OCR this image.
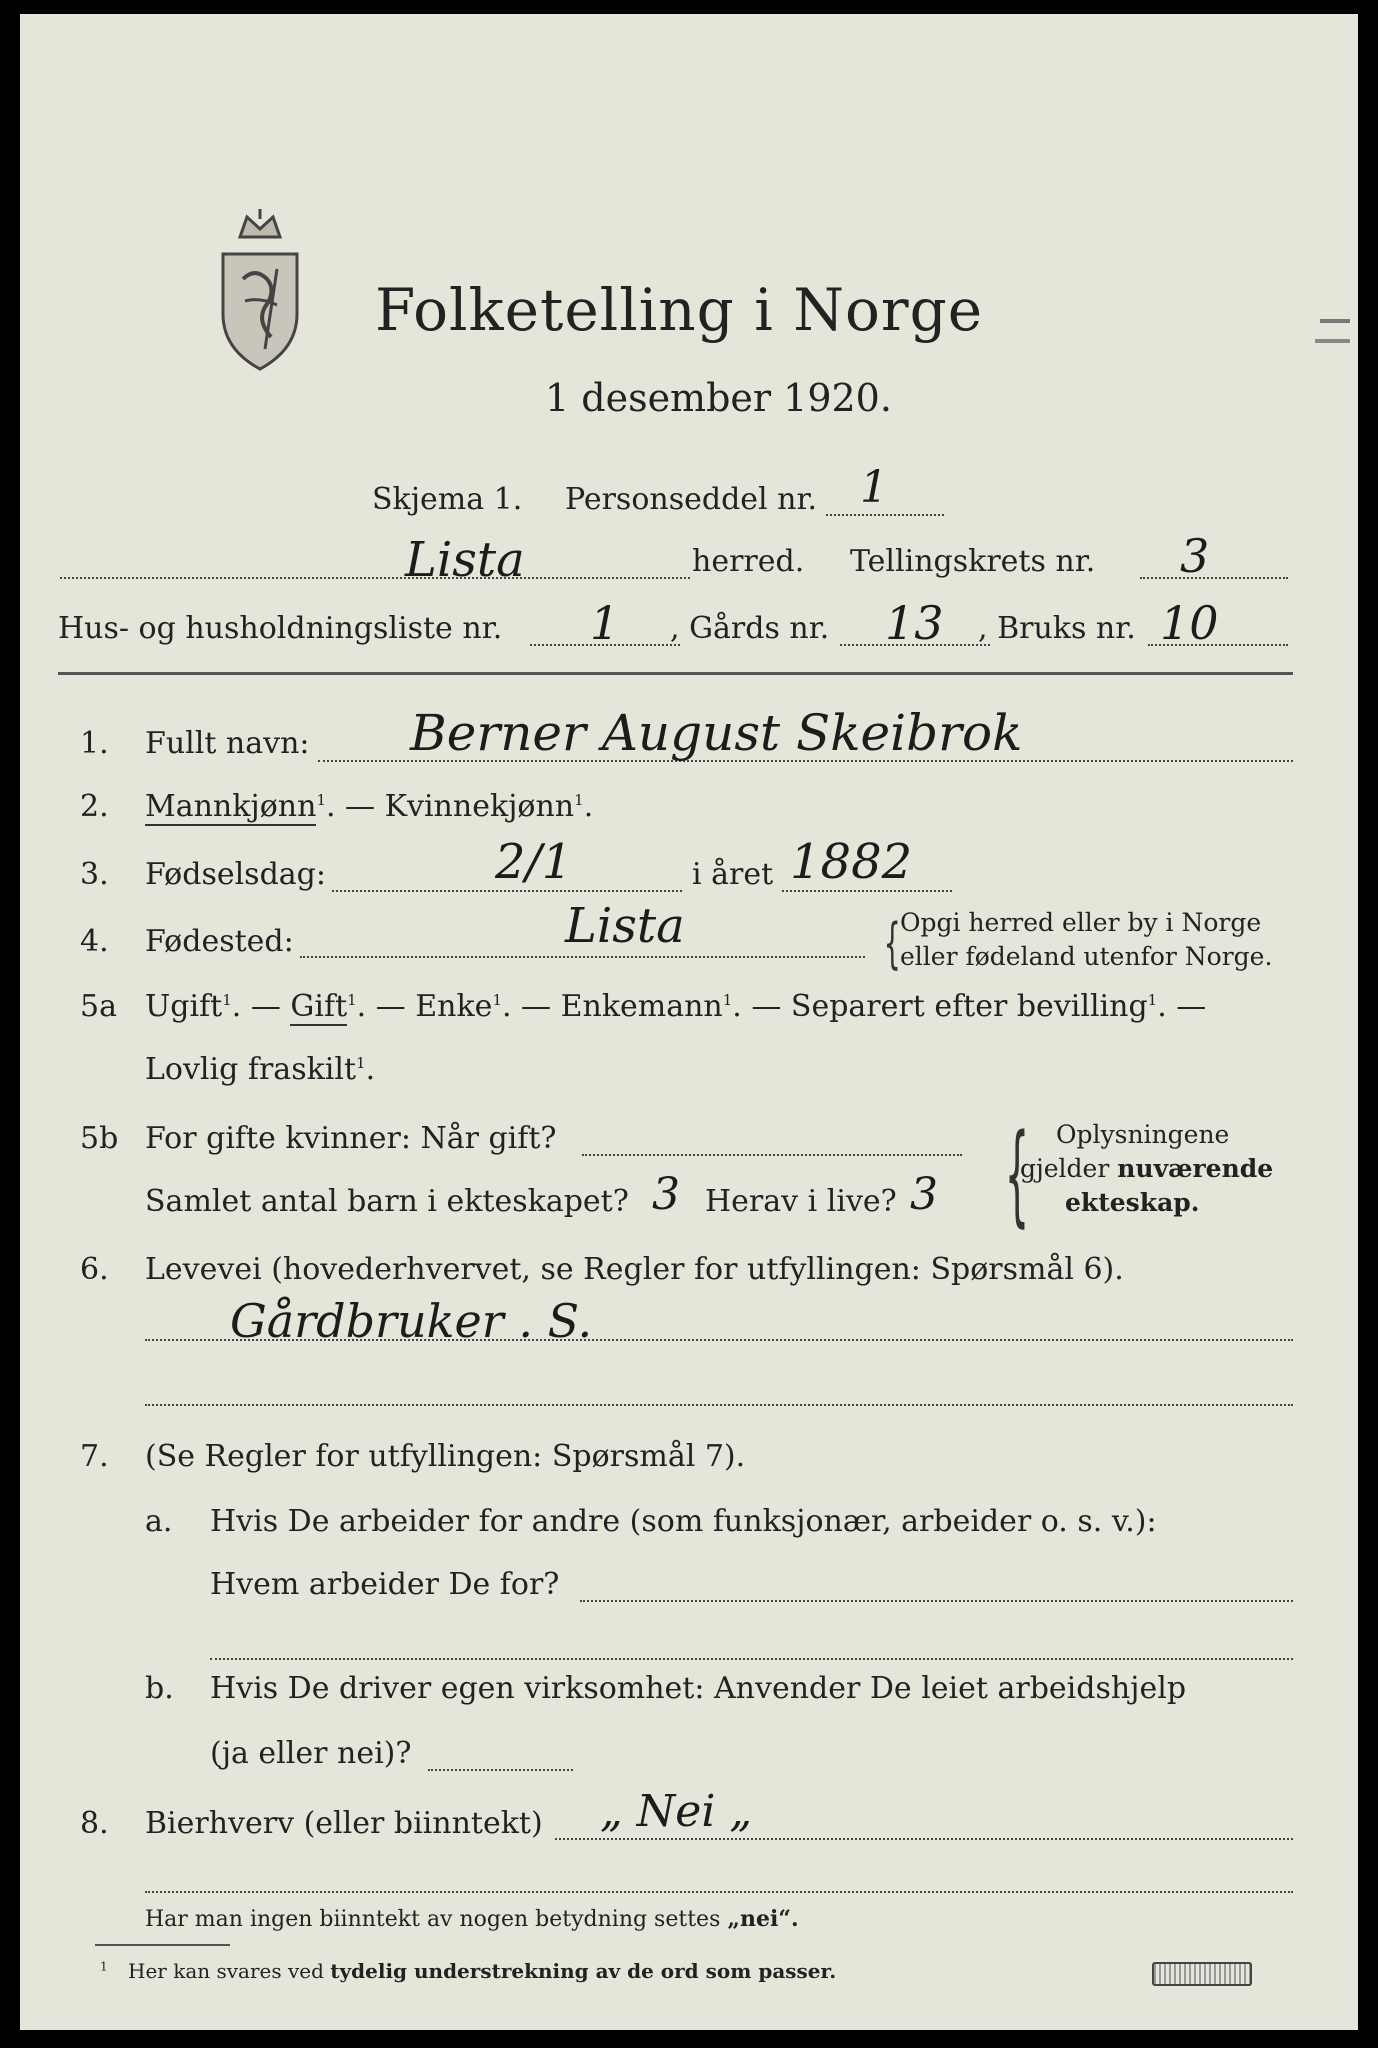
Folketelling i Norge
1 desember 1920.
Skjema 1. Personseddel nr. 1
Lista	herred. Tellingskrets nr. 3
Hus- og husholdningsliste nr. 1 , Gårds nr. 13 , Bruks nr. 10
1. Fullt navn: Berner August Skeibrok
2. Mannkjønn$^1$. — Kvinnekjønn$^1$.
3. Fødselsdag:	2/1	i året 1882
4. Fødested:	Lista	{ Opgi herred eller by i Norge
eller fødeland utenfor Norge.
5a Ugift$^1$. — Gift$^1$. — Enke$^1$. — Enkemann$^1$. — Separert efter bevilling$^1$. —
Lovlig fraskilt$^1$.
5b For gifte kvinner: Når gift?
Samlet antal barn i ekteskapet? 3 Herav i live? 3 { Oplysningene
gjelder nuværende
ekteskap.
6. Levevei (hovederhvervet, se Regler for utfyllingen: Spørsmål 6).
Gårdbruker . S.
7. (Se Regler for utfyllingen: Spørsmål 7).
a. Hvis De arbeider for andre (som funksjonær, arbeider o. s. v.):
Hvem arbeider De for?
b. Hvis De driver egen virksomhet: Anvender De leiet arbeidshjelp
(ja eller nei)?
8. Bierhverv (eller biinntekt) „ Nei „
Har man ingen biinntekt av nogen betydning settes „nei“.
$^1$ Her kan svares ved tydelig understrekning av de ord som passer.
